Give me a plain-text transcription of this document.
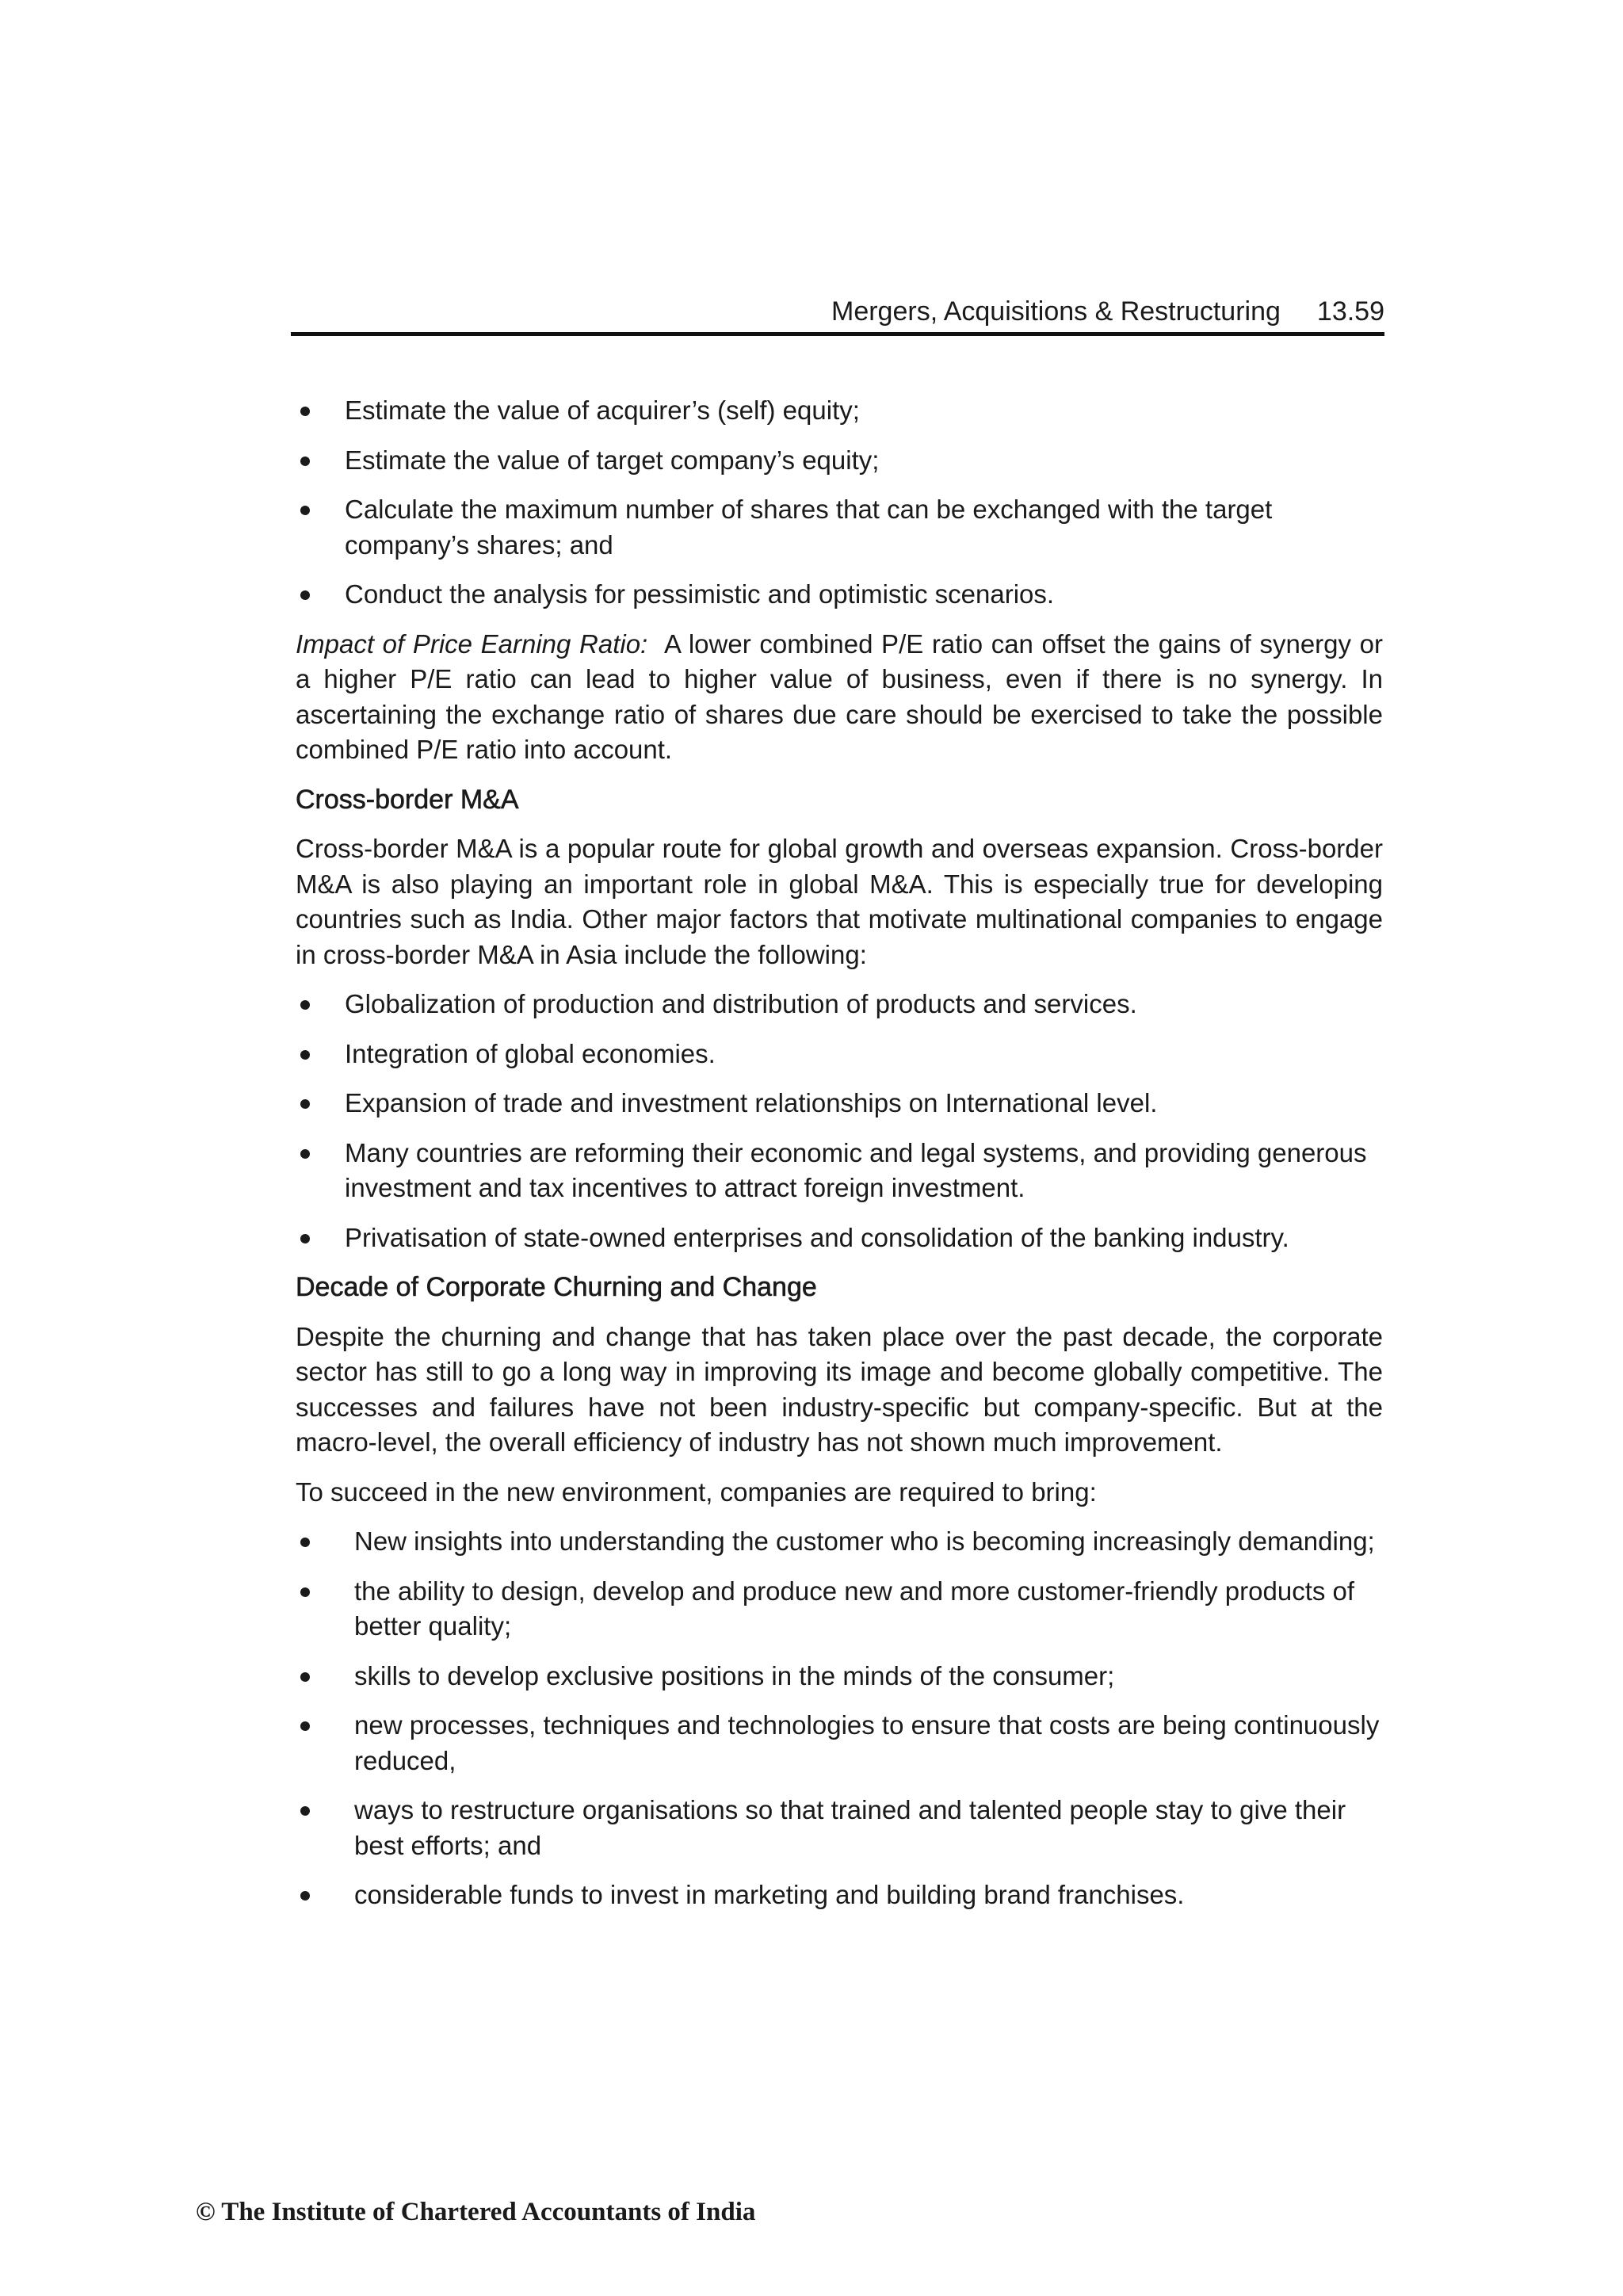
Mergers, Acquisitions & Restructuring 13.59
Estimate the value of acquirer’s (self) equity;
Estimate the value of target company’s equity;
Calculate the maximum number of shares that can be exchanged with the target company’s shares; and
Conduct the analysis for pessimistic and optimistic scenarios.

Impact of Price Earning Ratio: A lower combined P/E ratio can offset the gains of synergy or a higher P/E ratio can lead to higher value of business, even if there is no synergy. In ascertaining the exchange ratio of shares due care should be exercised to take the possible combined P/E ratio into account.

Cross-border M&A

Cross-border M&A is a popular route for global growth and overseas expansion. Cross-border M&A is also playing an important role in global M&A. This is especially true for developing countries such as India. Other major factors that motivate multinational companies to engage in cross-border M&A in Asia include the following:

Globalization of production and distribution of products and services.
Integration of global economies.
Expansion of trade and investment relationships on International level.
Many countries are reforming their economic and legal systems, and providing generous investment and tax incentives to attract foreign investment.
Privatisation of state-owned enterprises and consolidation of the banking industry.
Decade of Corporate Churning and Change

Despite the churning and change that has taken place over the past decade, the corporate sector has still to go a long way in improving its image and become globally competitive. The successes and failures have not been industry-specific but company-specific. But at the macro-level, the overall efficiency of industry has not shown much improvement.

To succeed in the new environment, companies are required to bring:

New insights into understanding the customer who is becoming increasingly demanding;
the ability to design, develop and produce new and more customer-friendly products of better quality;
skills to develop exclusive positions in the minds of the consumer;
new processes, techniques and technologies to ensure that costs are being continuously reduced,
ways to restructure organisations so that trained and talented people stay to give their best efforts; and
considerable funds to invest in marketing and building brand franchises.
© The Institute of Chartered Accountants of India
